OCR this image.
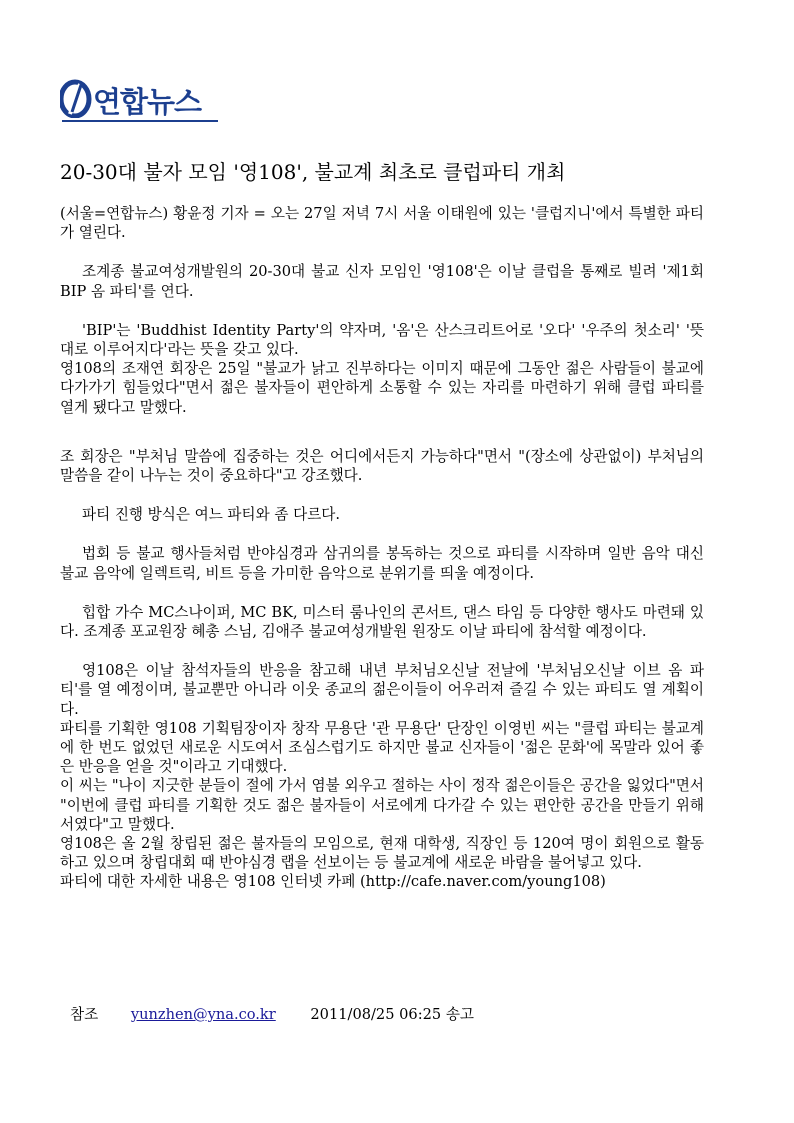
연합뉴스
20-30대 불자 모임 '영108', 불교계 최초로 클럽파티 개최

(서울=연합뉴스) 황윤정 기자 = 오는 27일 저녁 7시 서울 이태원에 있는 '클럽지니'에서 특별한 파티가 열린다.

조계종 불교여성개발원의 20-30대 불교 신자 모임인 '영108'은 이날 클럽을 통째로 빌려 '제1회 BIP 옴 파티'를 연다.

'BIP'는 'Buddhist Identity Party'의 약자며, '옴'은 산스크리트어로 '오다' '우주의 첫소리' '뜻대로 이루어지다'라는 뜻을 갖고 있다.

영108의 조재연 회장은 25일 "불교가 낡고 진부하다는 이미지 때문에 그동안 젊은 사람들이 불교에 다가가기 힘들었다"면서 젊은 불자들이 편안하게 소통할 수 있는 자리를 마련하기 위해 클럽 파티를 열게 됐다고 말했다.

조 회장은 "부처님 말씀에 집중하는 것은 어디에서든지 가능하다"면서 "(장소에 상관없이) 부처님의 말씀을 같이 나누는 것이 중요하다"고 강조했다.

파티 진행 방식은 여느 파티와 좀 다르다.

법회 등 불교 행사들처럼 반야심경과 삼귀의를 봉독하는 것으로 파티를 시작하며 일반 음악 대신 불교 음악에 일렉트릭, 비트 등을 가미한 음악으로 분위기를 띄울 예정이다.

힙합 가수 MC스나이퍼, MC BK, 미스터 룸나인의 콘서트, 댄스 타임 등 다양한 행사도 마련돼 있다. 조계종 포교원장 혜총 스님, 김애주 불교여성개발원 원장도 이날 파티에 참석할 예정이다.

영108은 이날 참석자들의 반응을 참고해 내년 부처님오신날 전날에 '부처님오신날 이브 옴 파티'를 열 예정이며, 불교뿐만 아니라 이웃 종교의 젊은이들이 어우러져 즐길 수 있는 파티도 열 계획이다.

파티를 기획한 영108 기획팀장이자 창작 무용단 '관 무용단' 단장인 이영빈 씨는 "클럽 파티는 불교계에 한 번도 없었던 새로운 시도여서 조심스럽기도 하지만 불교 신자들이 '젊은 문화'에 목말라 있어 좋은 반응을 얻을 것"이라고 기대했다.

이 씨는 "나이 지긋한 분들이 절에 가서 염불 외우고 절하는 사이 정작 젊은이들은 공간을 잃었다"면서 "이번에 클럽 파티를 기획한 것도 젊은 불자들이 서로에게 다가갈 수 있는 편안한 공간을 만들기 위해서였다"고 말했다.

영108은 올 2월 창립된 젊은 불자들의 모임으로, 현재 대학생, 직장인 등 120여 명이 회원으로 활동하고 있으며 창립대회 때 반야심경 랩을 선보이는 등 불교계에 새로운 바람을 불어넣고 있다.

파티에 대한 자세한 내용은 영108 인터넷 카페 (http://cafe.naver.com/young108)

참조 yunzhen@yna.co.kr 2011/08/25 06:25 송고
